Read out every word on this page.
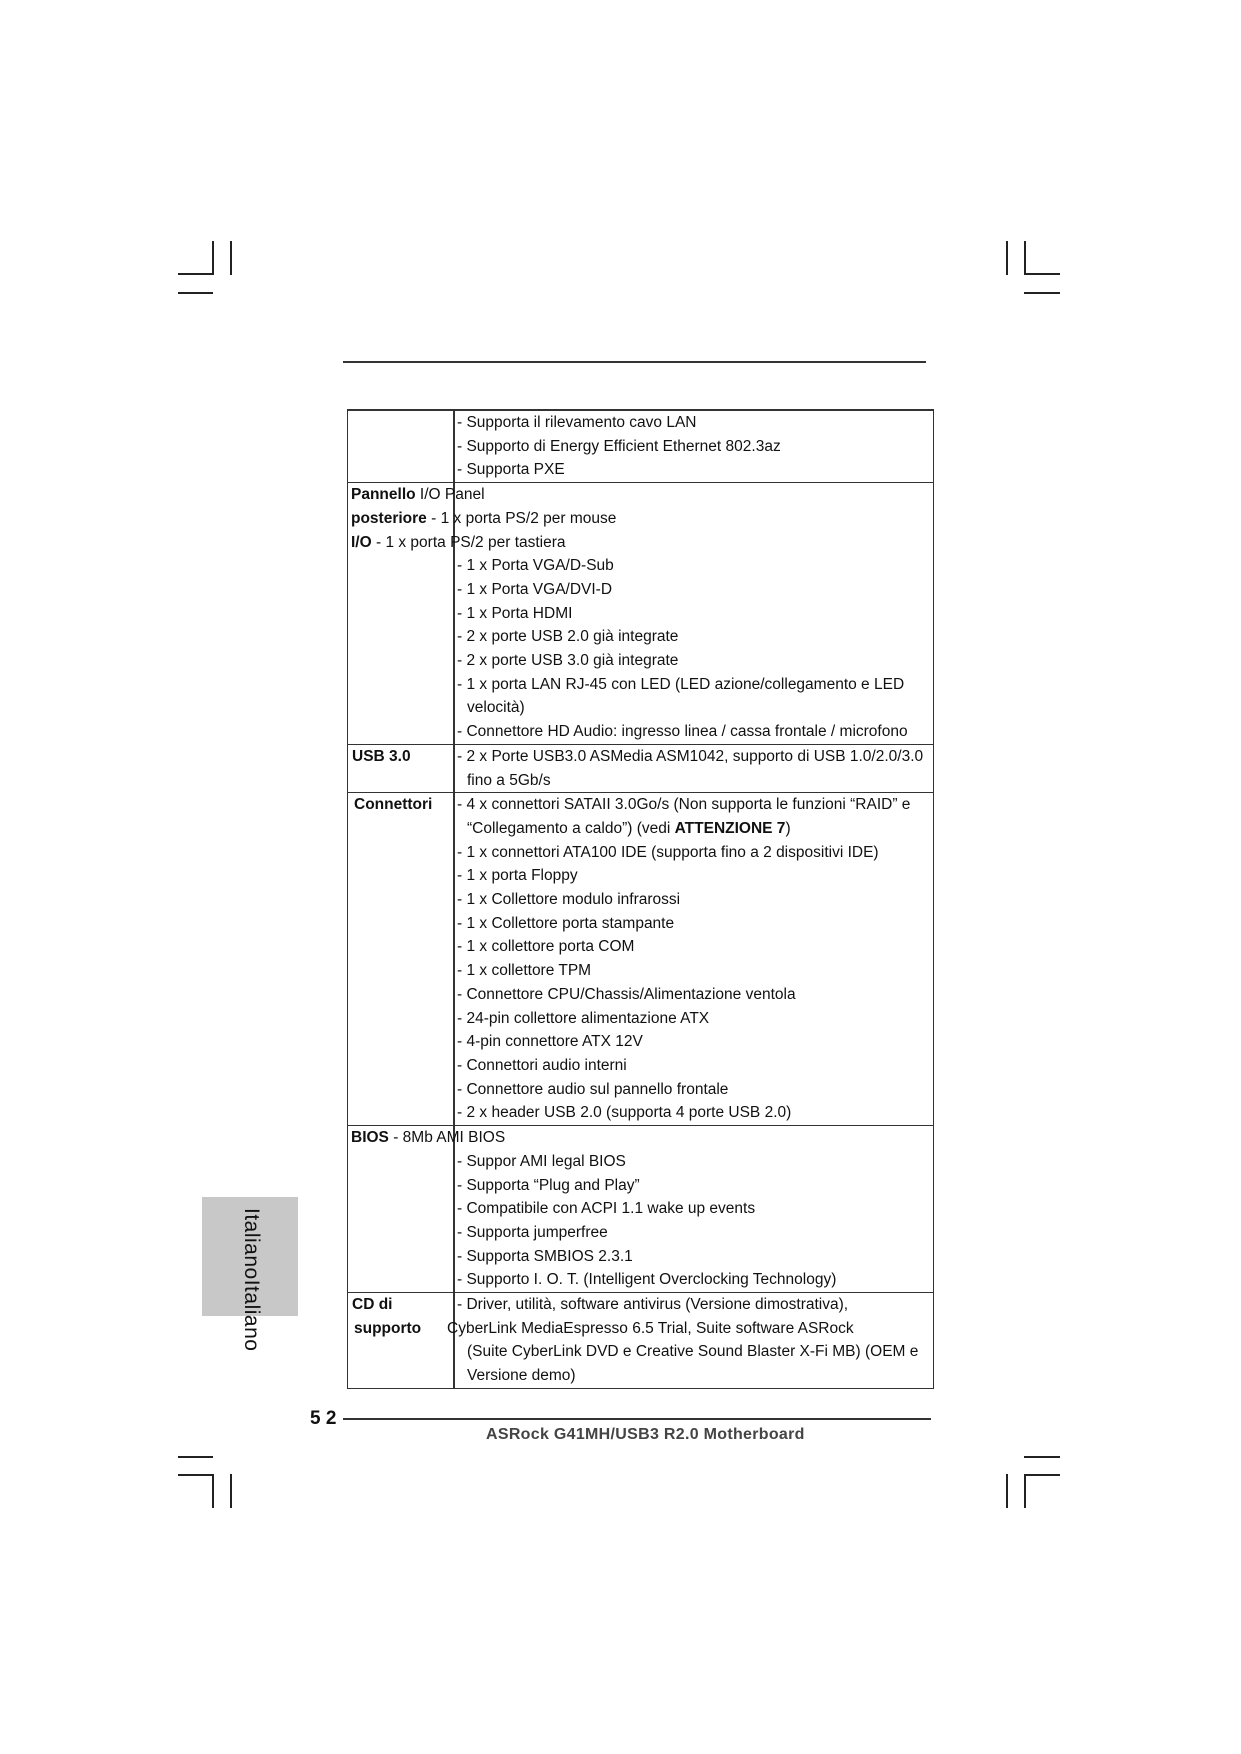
- Supporta il rilevamento cavo LAN
- Supporto di Energy Efficient Ethernet 802.3az
- Supporta PXE
Pannello I/O Panel
posteriore - 1 x porta PS/2 per mouse
I/O - 1 x porta PS/2 per tastiera
- 1 x Porta VGA/D-Sub
- 1 x Porta VGA/DVI-D
- 1 x Porta HDMI
- 2 x porte USB 2.0 già integrate
- 2 x porte USB 3.0 già integrate
- 1 x porta LAN RJ-45 con LED (LED azione/collegamento e LED
velocità)
- Connettore HD Audio: ingresso linea / cassa frontale / microfono
USB 3.0	- 2 x Porte USB3.0 ASMedia ASM1042, supporto di USB 1.0/2.0/3.0
fino a 5Gb/s
Connettori - 4 x connettori SATAII 3.0Go/s (Non supporta le funzioni “RAID” e
“Collegamento a caldo”) (vedi ATTENZIONE 7)
- 1 x connettori ATA100 IDE (supporta fino a 2 dispositivi IDE)
- 1 x porta Floppy
- 1 x Collettore modulo infrarossi
- 1 x Collettore porta stampante
- 1 x collettore porta COM
- 1 x collettore TPM
- Connettore CPU/Chassis/Alimentazione ventola
- 24-pin collettore alimentazione ATX
- 4-pin connettore ATX 12V
- Connettori audio interni
- Connettore audio sul pannello frontale
- 2 x header USB 2.0 (supporta 4 porte USB 2.0)
BIOS - 8Mb AMI BIOS
- Suppor AMI legal BIOS
- Supporta “Plug and Play”
- Compatibile con ACPI 1.1 wake up events
- Supporta jumperfree
- Supporta SMBIOS 2.3.1
- Supporto I. O. T. (Intelligent Overclocking Technology)
CD di
supporto
- Driver, utilità, software antivirus (Versione dimostrativa),
CyberLink MediaEspresso 6.5 Trial, Suite software ASRock
(Suite CyberLink DVD e Creative Sound Blaster X-Fi MB) (OEM e
Versione demo)
ItalianoItaliano
5 2
ASRock G41MH/USB3 R2.0 Motherboard
